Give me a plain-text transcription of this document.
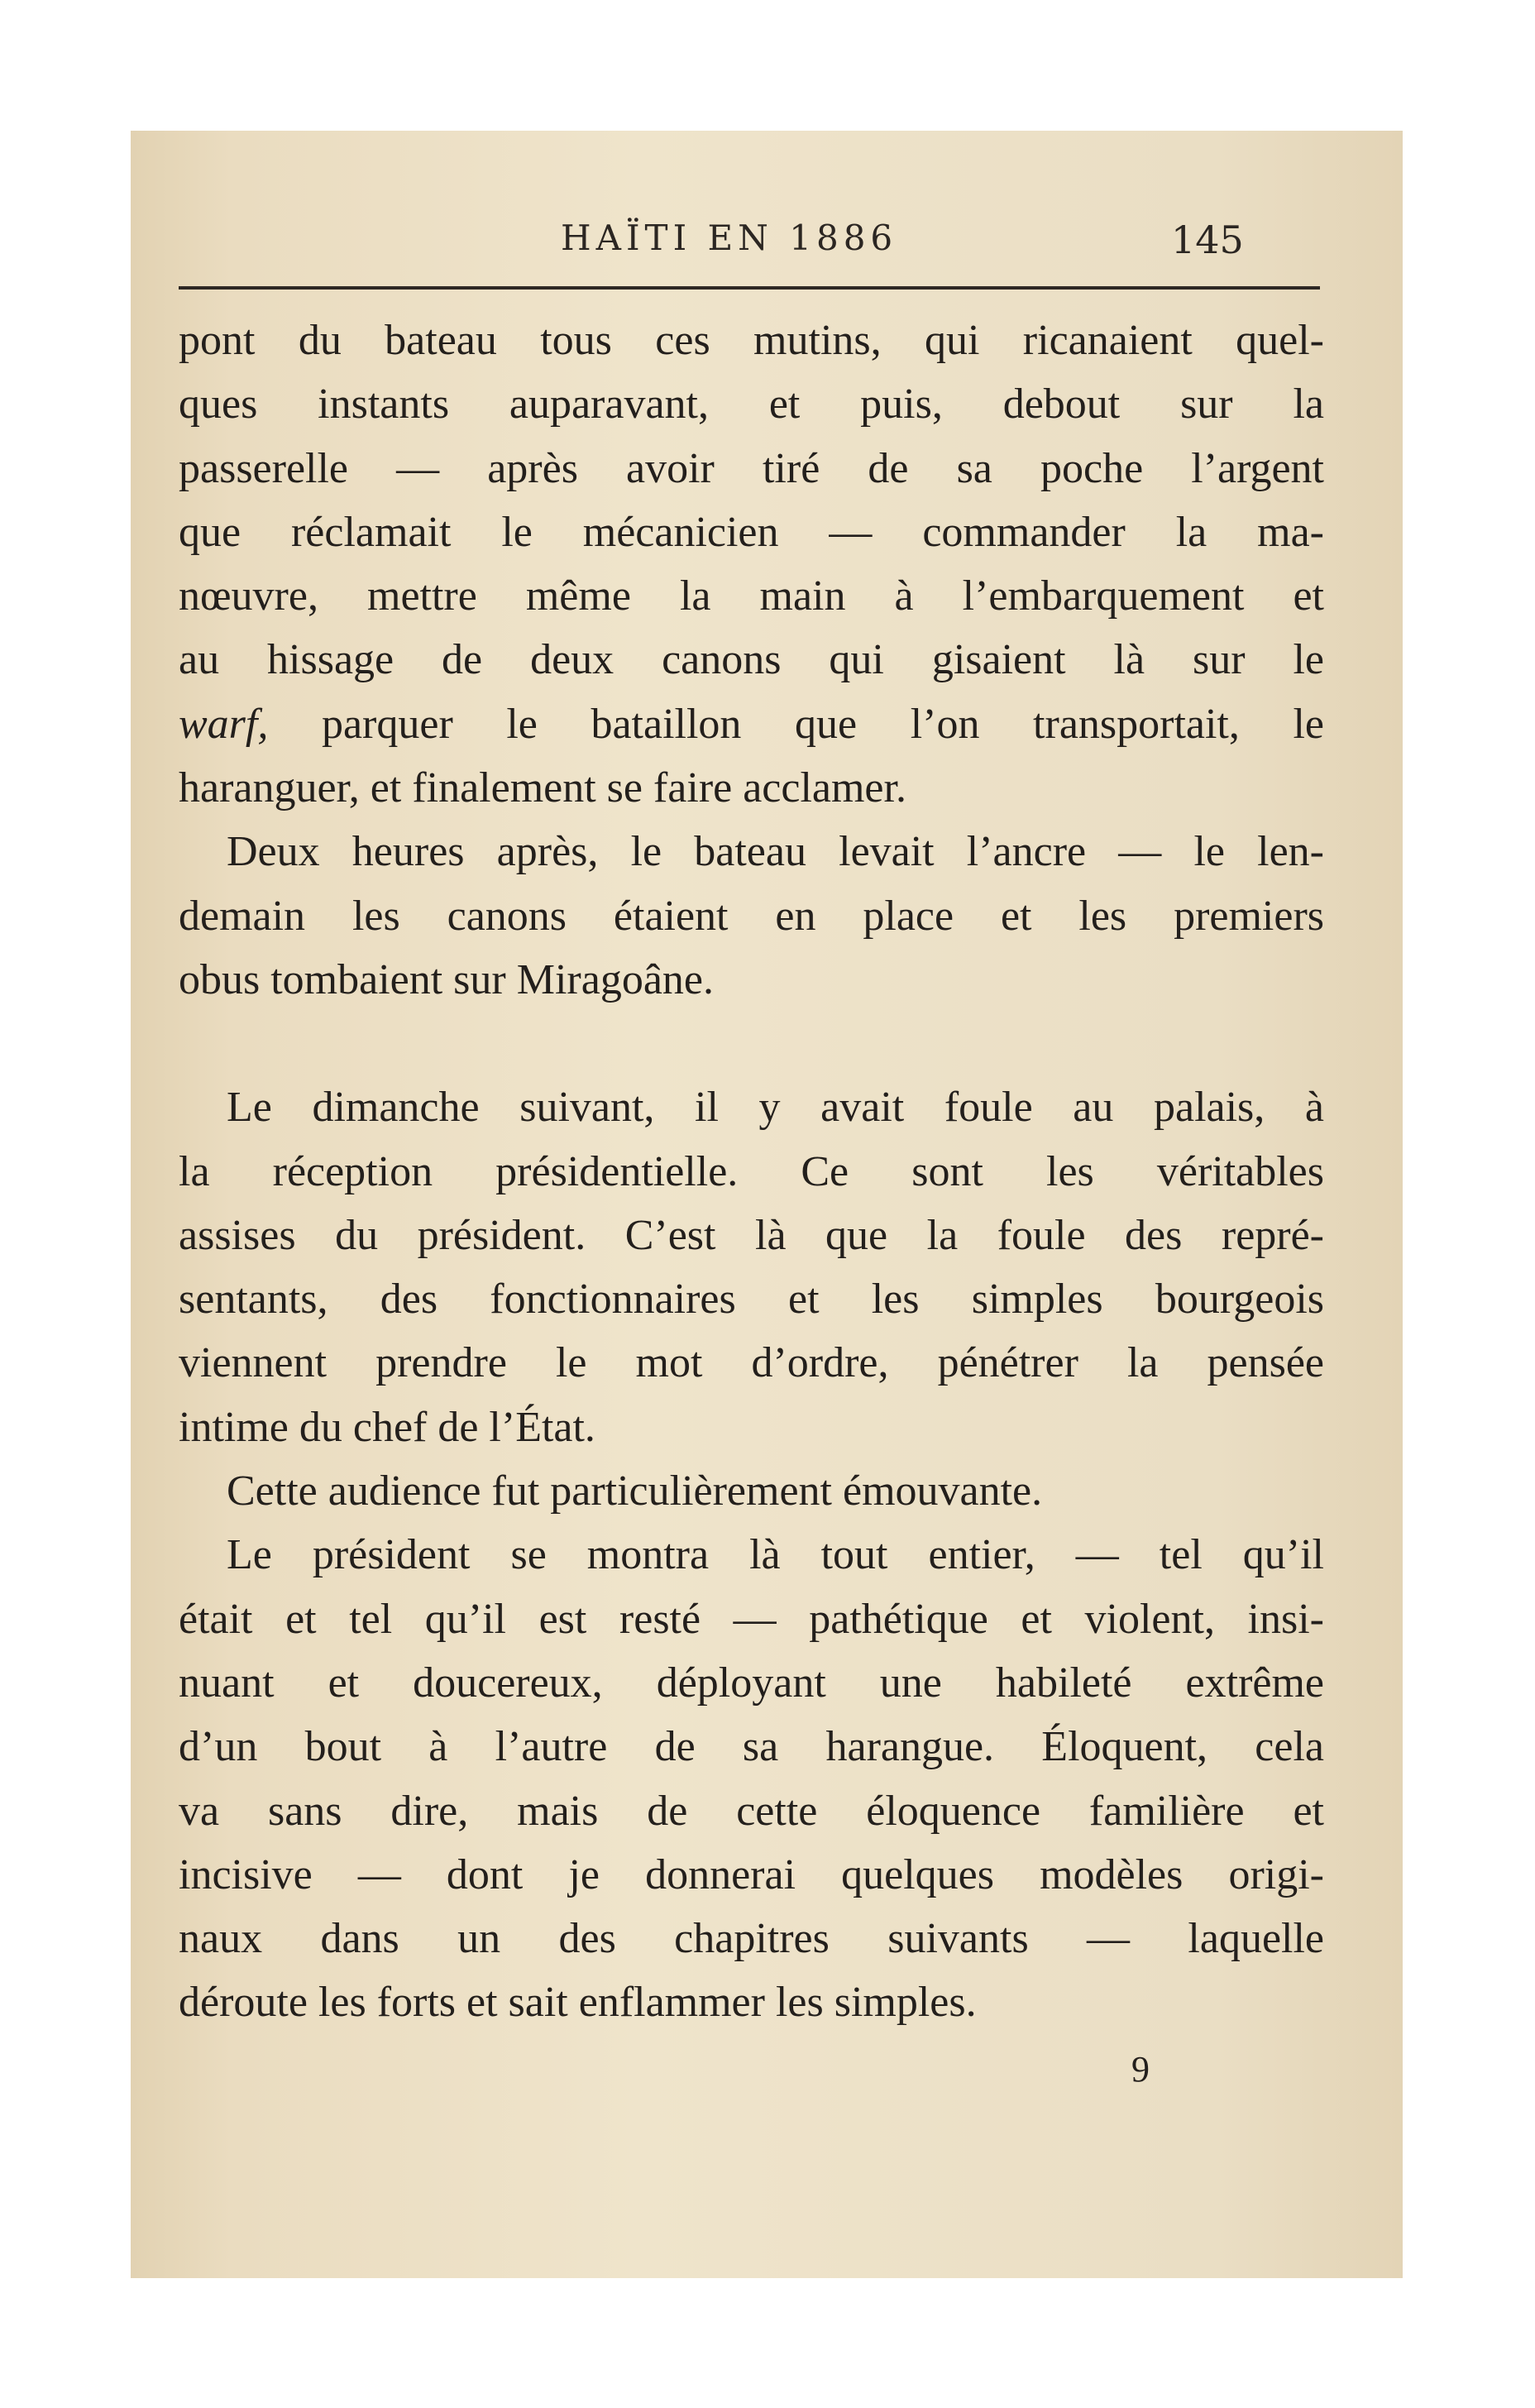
HAÏTI EN 1886	145
pont du bateau tous ces mutins, qui ricanaient quel-
ques instants auparavant, et puis, debout sur la
passerelle — après avoir tiré de sa poche l’argent
que réclamait le mécanicien — commander la ma-
nœuvre, mettre même la main à l’embarquement et
au hissage de deux canons qui gisaient là sur le
warf, parquer le bataillon que l’on transportait, le
haranguer, et finalement se faire acclamer.
Deux heures après, le bateau levait l’ancre — le len-
demain les canons étaient en place et les premiers
obus tombaient sur Miragoâne.
Le dimanche suivant, il y avait foule au palais, à
la réception présidentielle. Ce sont les véritables
assises du président. C’est là que la foule des repré-
sentants, des fonctionnaires et les simples bourgeois
viennent prendre le mot d’ordre, pénétrer la pensée
intime du chef de l’État.
Cette audience fut particulièrement émouvante.
Le président se montra là tout entier, — tel qu’il
était et tel qu’il est resté — pathétique et violent, insi-
nuant et doucereux, déployant une habileté extrême
d’un bout à l’autre de sa harangue. Éloquent, cela
va sans dire, mais de cette éloquence familière et
incisive — dont je donnerai quelques modèles origi-
naux dans un des chapitres suivants — laquelle
déroute les forts et sait enflammer les simples.
9
